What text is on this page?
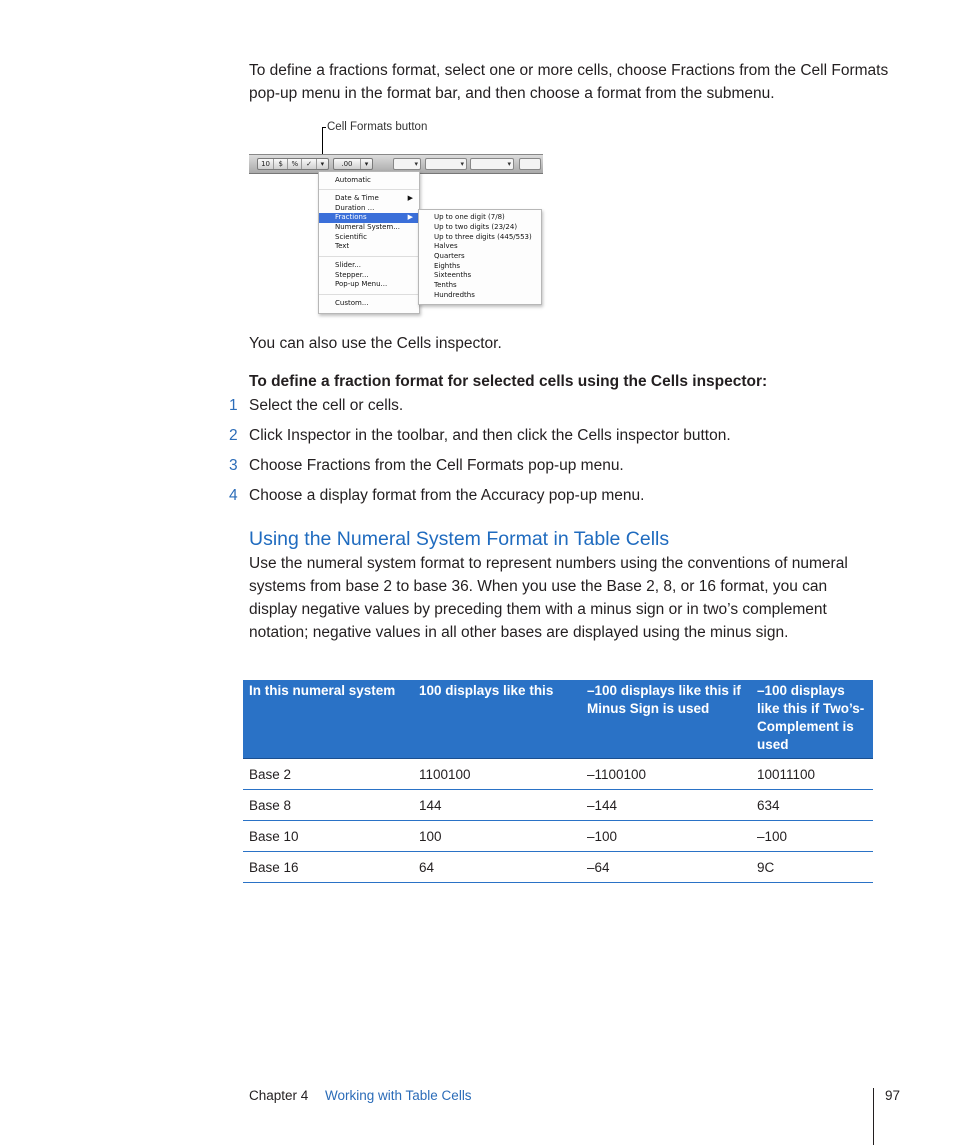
To define a fractions format, select one or more cells, choose Fractions from the Cell Formats pop-up menu in the format bar, and then choose a format from the submenu.
Cell Formats button
10	$	%	✓	▾	.00	▾	▾	▾	▾
Automatic
Date & Time	▶
Duration ...
Fractions	▶
Numeral System...
Scientific
Text
Slider...
Stepper...
Pop-up Menu...
Custom...
Up to one digit (7/8)
Up to two digits (23/24)
Up to three digits (445/553)
Halves
Quarters
Eighths
Sixteenths
Tenths
Hundredths
You can also use the Cells inspector.
To define a fraction format for selected cells using the Cells inspector:
1 Select the cell or cells.
2 Click Inspector in the toolbar, and then click the Cells inspector button.
3 Choose Fractions from the Cell Formats pop-up menu.
4 Choose a display format from the Accuracy pop-up menu.
Using the Numeral System Format in Table Cells
Use the numeral system format to represent numbers using the conventions of numeral systems from base 2 to base 36. When you use the Base 2, 8, or 16 format, you can display negative values by preceding them with a minus sign or in two’s complement notation; negative values in all other bases are displayed using the minus sign.
In this numeral system	100 displays like this	–100 displays like this if Minus Sign is used	–100 displays like this if Two’s-Complement is used
Base 2	1100100	–1100100	10011100
Base 8	144	–144	634
Base 10	100	–100	–100
Base 16	64	–64	9C
Chapter 4 Working with Table Cells	97
